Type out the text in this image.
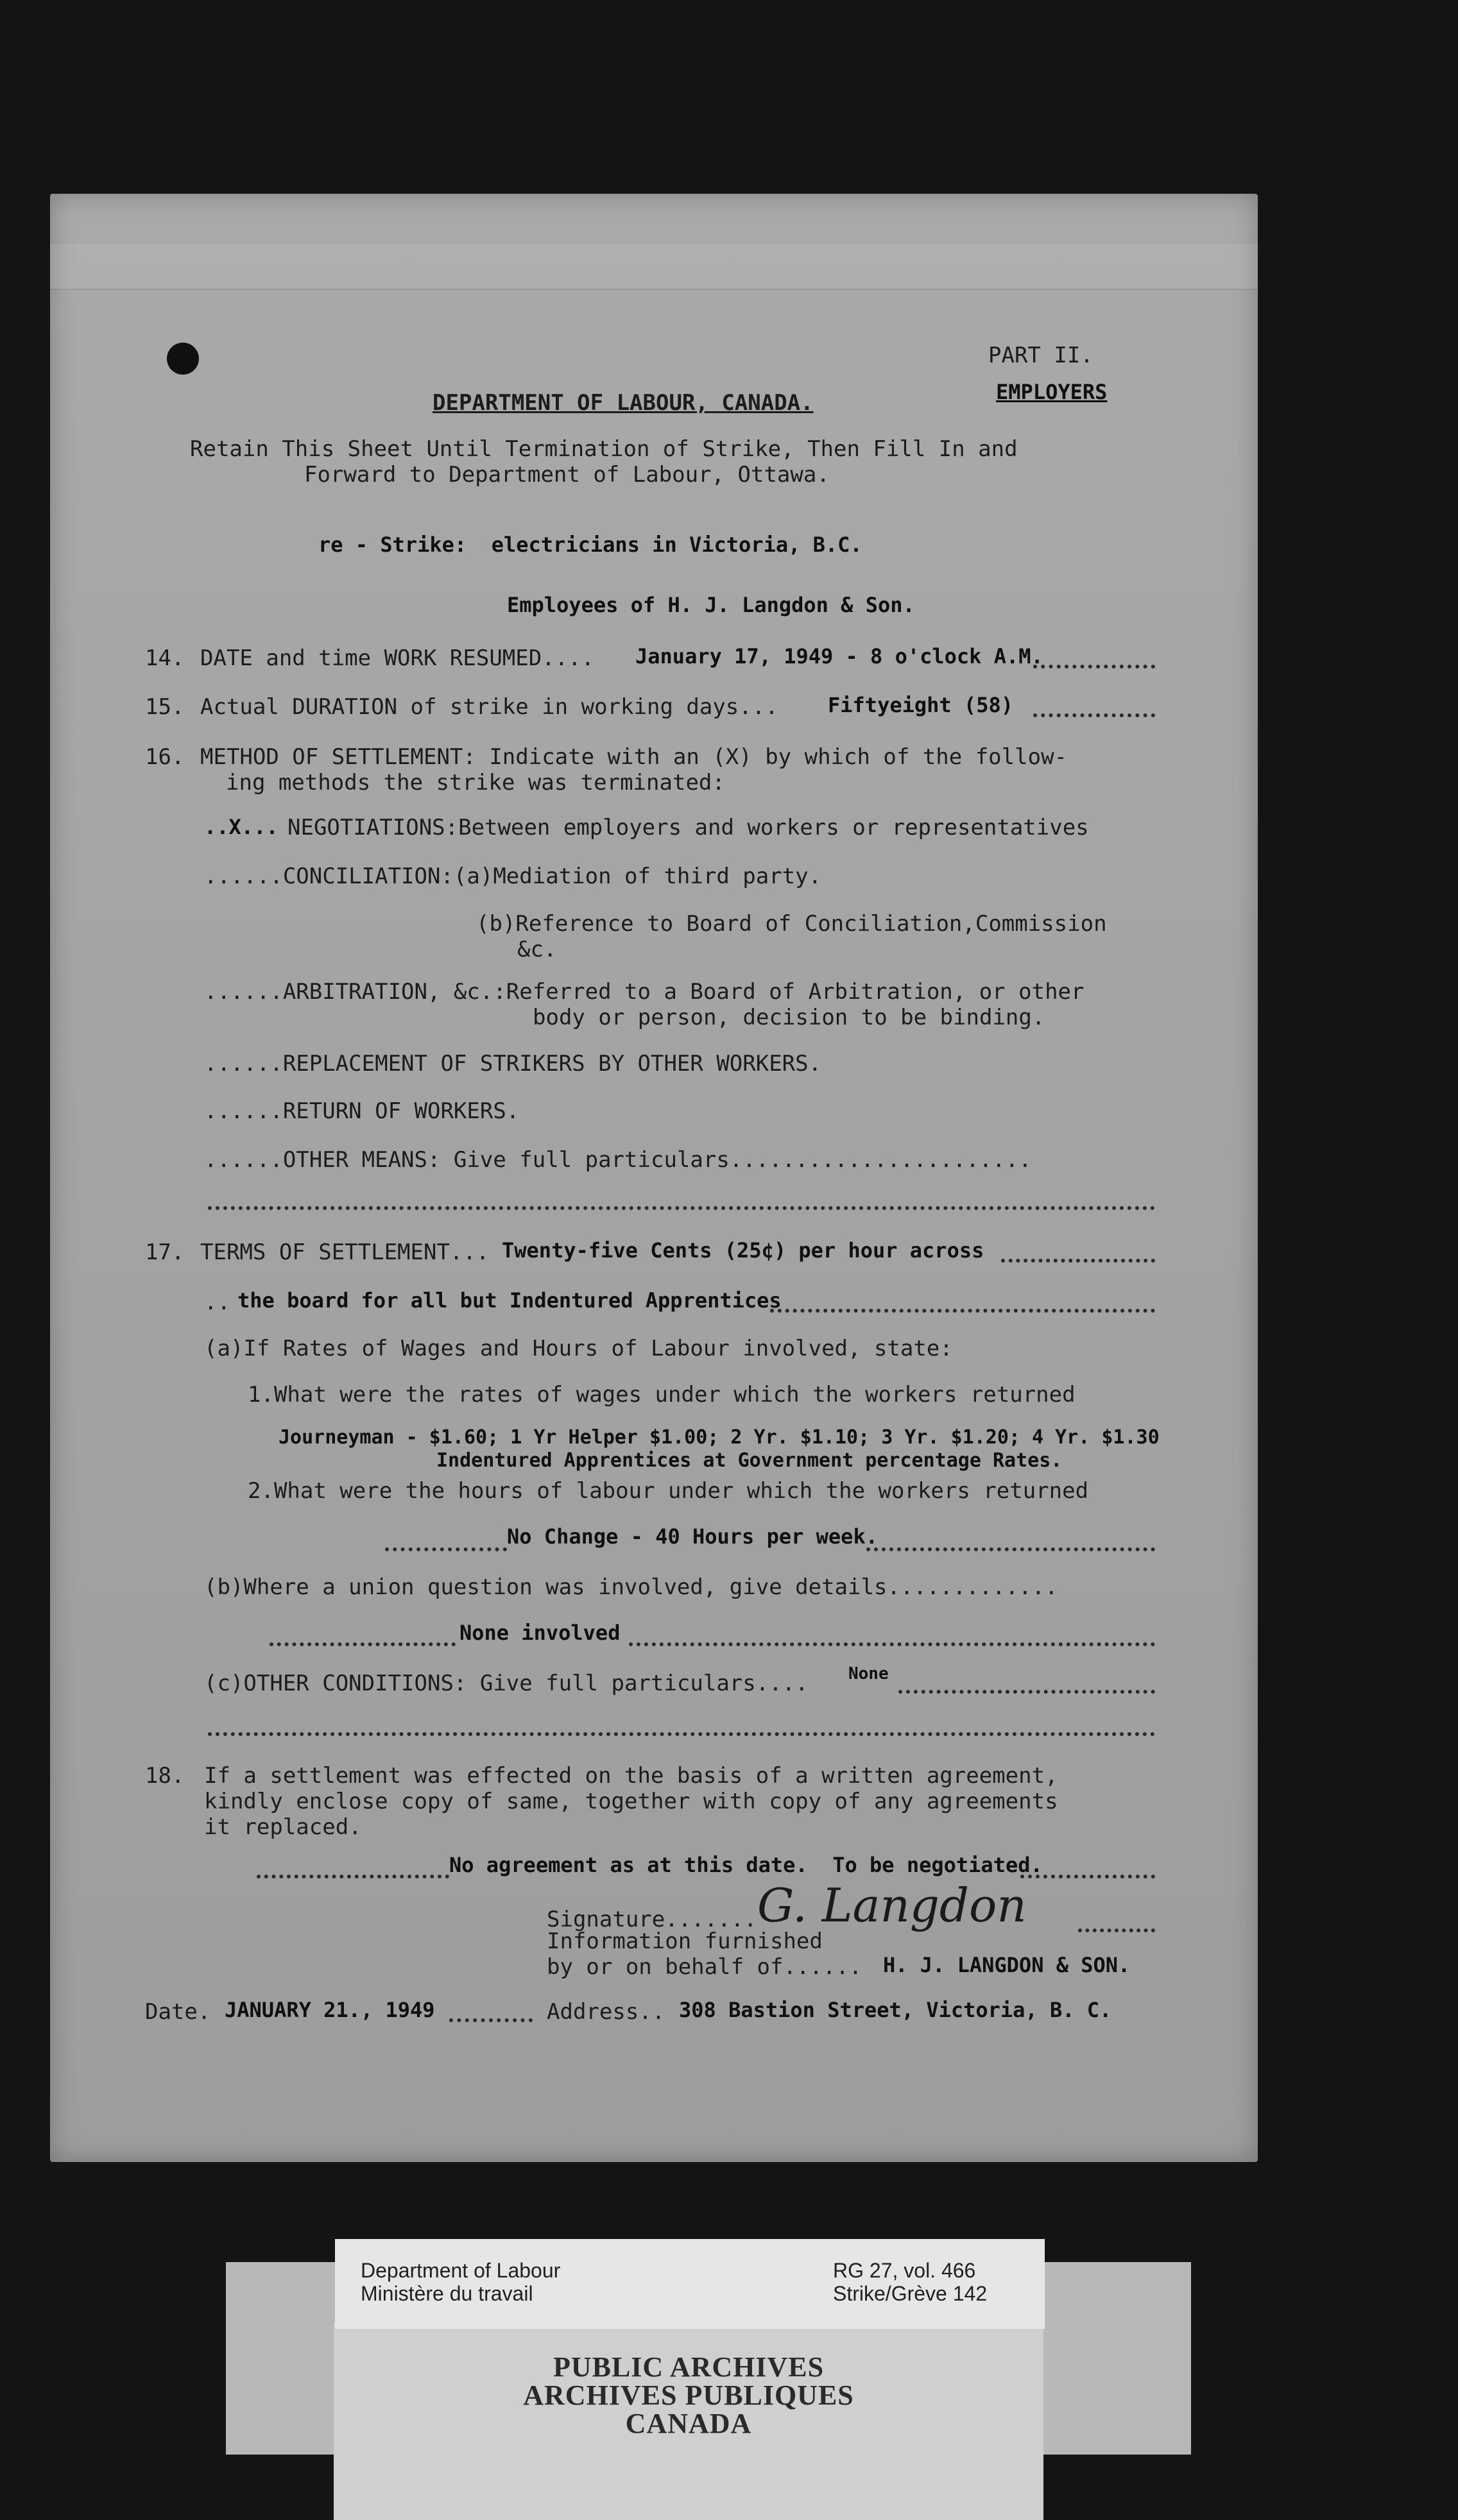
PART II.
EMPLOYERS
DEPARTMENT OF LABOUR, CANADA.
Retain This Sheet Until Termination of Strike, Then Fill In and
Forward to Department of Labour, Ottawa.
re - Strike:  electricians in Victoria, B.C.
Employees of H. J. Langdon & Son.
14. DATE and time WORK RESUMED.... January 17, 1949 - 8 o'clock A.M.
15. Actual DURATION of strike in working days... Fiftyeight (58)
16. METHOD OF SETTLEMENT: Indicate with an (X) by which of the follow-
ing methods the strike was terminated:
..X... NEGOTIATIONS:Between employers and workers or representatives
......CONCILIATION:(a)Mediation of third party.
(b)Reference to Board of Conciliation,Commission
&c.
......ARBITRATION, &c.:Referred to a Board of Arbitration, or other
body or person, decision to be binding.
......REPLACEMENT OF STRIKERS BY OTHER WORKERS.
......RETURN OF WORKERS.
......OTHER MEANS: Give full particulars.......................
17. TERMS OF SETTLEMENT... Twenty-five Cents (25¢) per hour across
.. the board for all but Indentured Apprentices
(a)If Rates of Wages and Hours of Labour involved, state:
1.What were the rates of wages under which the workers returned
Journeyman - $1.60; 1 Yr Helper $1.00; 2 Yr. $1.10; 3 Yr. $1.20; 4 Yr. $1.30
Indentured Apprentices at Government percentage Rates.
2.What were the hours of labour under which the workers returned
No Change - 40 Hours per week.
(b)Where a union question was involved, give details.............
None involved
(c)OTHER CONDITIONS: Give full particulars.... None
18. If a settlement was effected on the basis of a written agreement,
kindly enclose copy of same, together with copy of any agreements
it replaced.
No agreement as at this date.  To be negotiated.
Signature....... G. Langdon
Information furnished
by or on behalf of...... H. J. LANGDON & SON.
Date. JANUARY 21., 1949	Address.. 308 Bastion Street, Victoria, B. C.
Department of Labour
Ministère du travail
RG 27, vol. 466
Strike/Grève 142
PUBLIC ARCHIVES
ARCHIVES PUBLIQUES
CANADA
